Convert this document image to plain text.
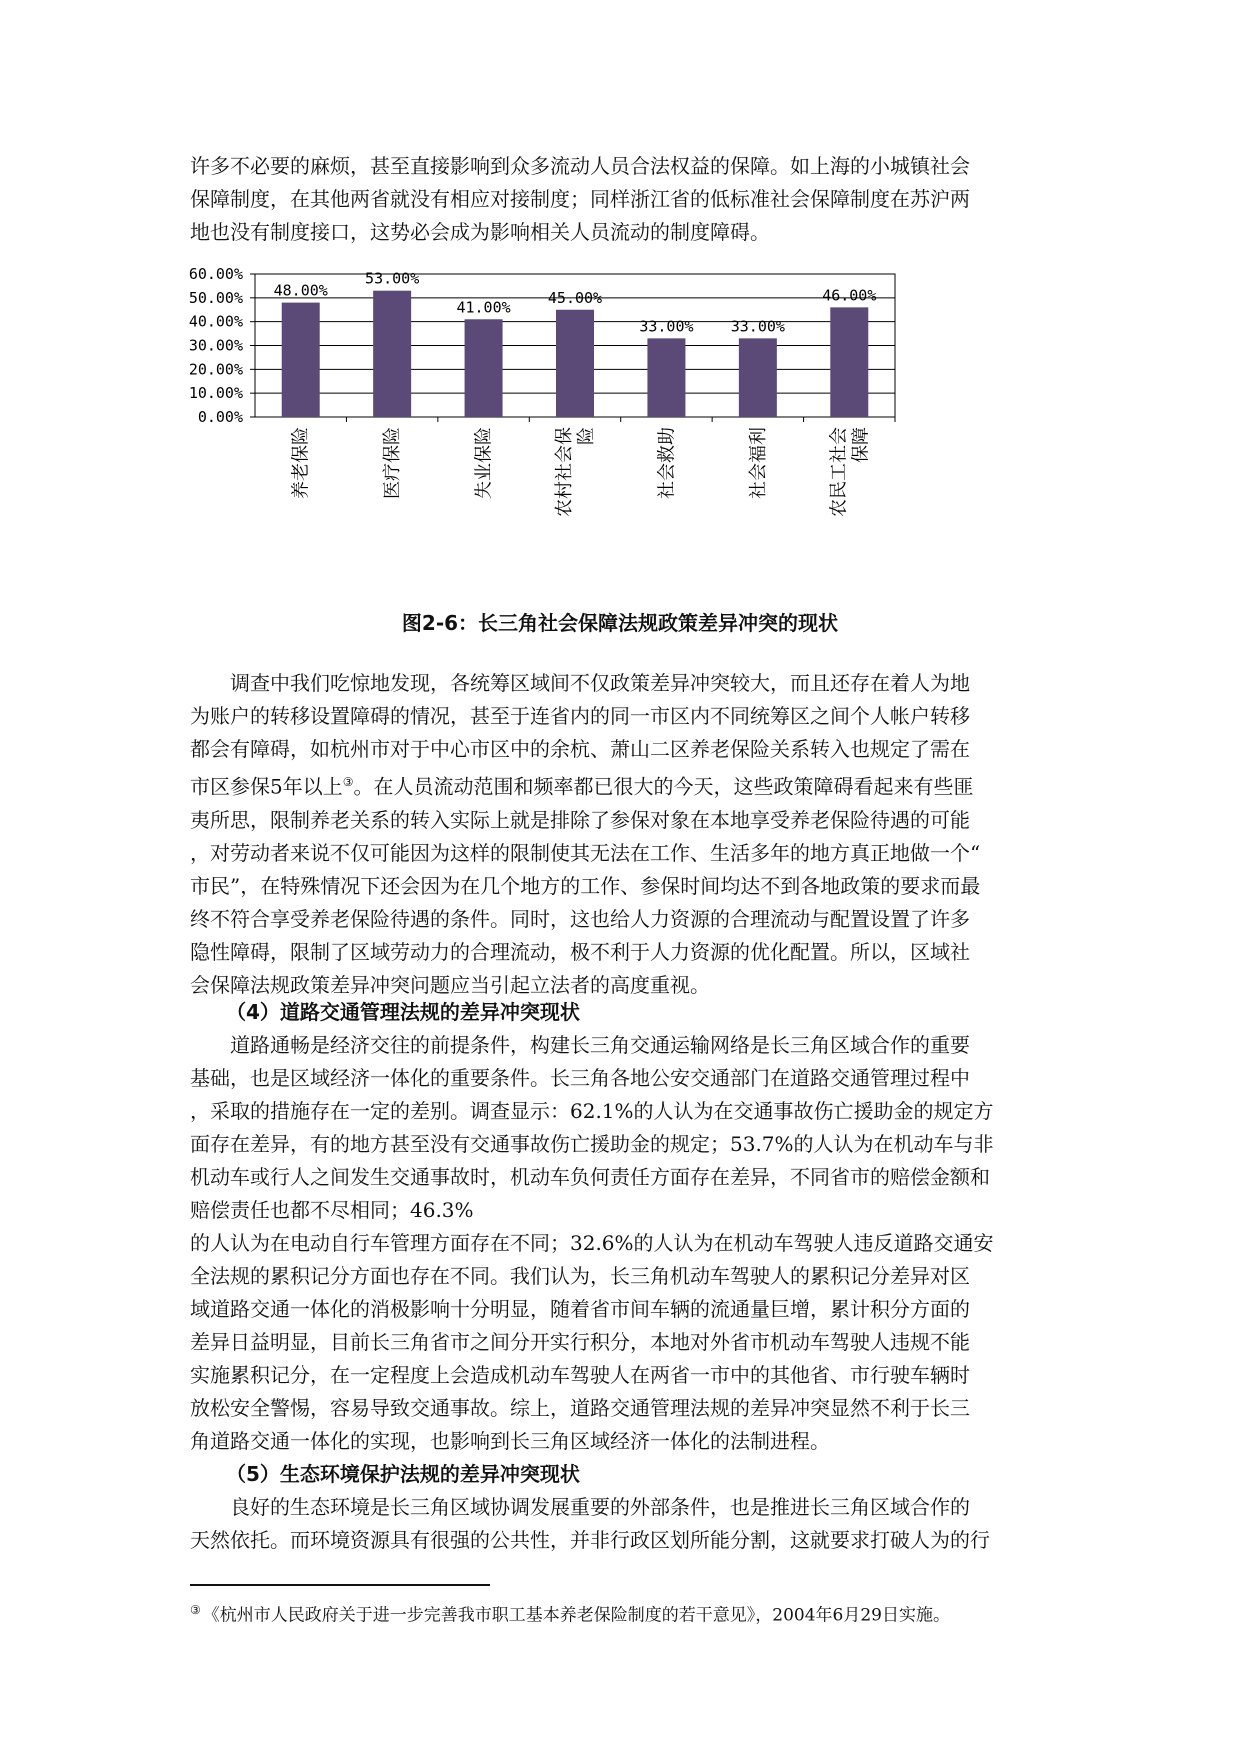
许多不必要的麻烦，甚至直接影响到众多流动人员合法权益的保障。如上海的小城镇社会
保障制度，在其他两省就没有相应对接制度；同样浙江省的低标准社会保障制度在苏沪两
地也没有制度接口，这势必会成为影响相关人员流动的制度障碍。
0.00%
10.00%
20.00%
30.00%
40.00%
50.00%
60.00%
48.00%
养老保险
53.00%
医疗保险
41.00%
失业保险
45.00%
农村社会保 险
33.00%
社会救助
33.00%
社会福利
46.00%
农民工社会 保障
图2-6：长三角社会保障法规政策差异冲突的现状
调查中我们吃惊地发现，各统筹区域间不仅政策差异冲突较大，而且还存在着人为地
为账户的转移设置障碍的情况，甚至于连省内的同一市区内不同统筹区之间个人帐户转移
都会有障碍，如杭州市对于中心市区中的余杭、萧山二区养老保险关系转入也规定了需在
市区参保5年以上③。在人员流动范围和频率都已很大的今天，这些政策障碍看起来有些匪
夷所思，限制养老关系的转入实际上就是排除了参保对象在本地享受养老保险待遇的可能
，对劳动者来说不仅可能因为这样的限制使其无法在工作、生活多年的地方真正地做一个“
市民”，在特殊情况下还会因为在几个地方的工作、参保时间均达不到各地政策的要求而最
终不符合享受养老保险待遇的条件。同时，这也给人力资源的合理流动与配置设置了许多
隐性障碍，限制了区域劳动力的合理流动，极不利于人力资源的优化配置。所以，区域社
会保障法规政策差异冲突问题应当引起立法者的高度重视。
（4）道路交通管理法规的差异冲突现状
道路通畅是经济交往的前提条件，构建长三角交通运输网络是长三角区域合作的重要
基础，也是区域经济一体化的重要条件。长三角各地公安交通部门在道路交通管理过程中
，采取的措施存在一定的差别。调查显示：62.1%的人认为在交通事故伤亡援助金的规定方
面存在差异，有的地方甚至没有交通事故伤亡援助金的规定；53.7%的人认为在机动车与非
机动车或行人之间发生交通事故时，机动车负何责任方面存在差异，不同省市的赔偿金额和
赔偿责任也都不尽相同；46.3%
的人认为在电动自行车管理方面存在不同；32.6%的人认为在机动车驾驶人违反道路交通安
全法规的累积记分方面也存在不同。我们认为，长三角机动车驾驶人的累积记分差异对区
域道路交通一体化的消极影响十分明显，随着省市间车辆的流通量巨增，累计积分方面的
差异日益明显，目前长三角省市之间分开实行积分，本地对外省市机动车驾驶人违规不能
实施累积记分，在一定程度上会造成机动车驾驶人在两省一市中的其他省、市行驶车辆时
放松安全警惕，容易导致交通事故。综上，道路交通管理法规的差异冲突显然不利于长三
角道路交通一体化的实现，也影响到长三角区域经济一体化的法制进程。
（5）生态环境保护法规的差异冲突现状
良好的生态环境是长三角区域协调发展重要的外部条件，也是推进长三角区域合作的
天然依托。而环境资源具有很强的公共性，并非行政区划所能分割，这就要求打破人为的行
③ 《杭州市人民政府关于进一步完善我市职工基本养老保险制度的若干意见》，2004年6月29日实施。
